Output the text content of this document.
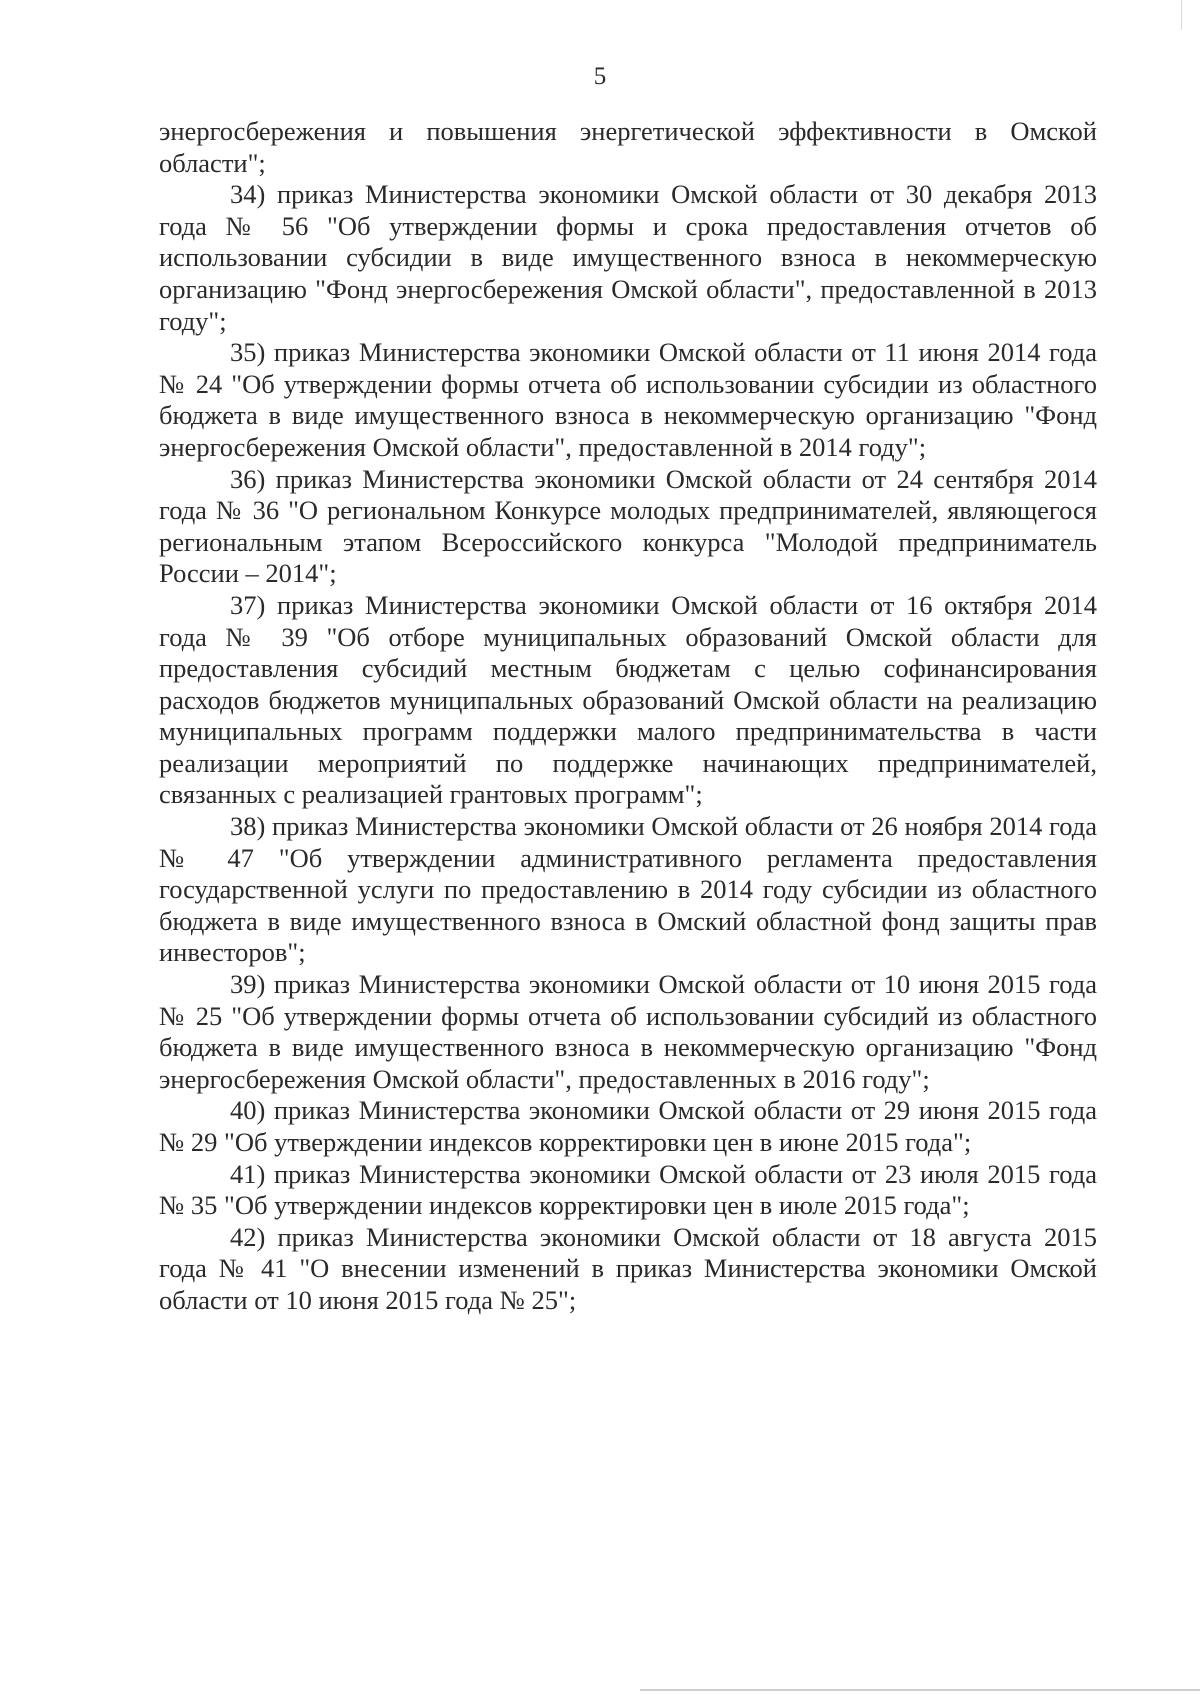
5

энергосбережения и повышения энергетической эффективности в Омской области";

34) приказ Министерства экономики Омской области от 30 декабря 2013 года № 56 "Об утверждении формы и срока предоставления отчетов об использовании субсидии в виде имущественного взноса в некоммерческую организацию "Фонд энергосбережения Омской области", предоставленной в 2013 году";

35) приказ Министерства экономики Омской области от 11 июня 2014 года № 24 "Об утверждении формы отчета об использовании субсидии из областного бюджета в виде имущественного взноса в некоммерческую организацию "Фонд энергосбережения Омской области", предоставленной в 2014 году";

36) приказ Министерства экономики Омской области от 24 сентября 2014 года № 36 "О региональном Конкурсе молодых предпринимателей, являющегося региональным этапом Всероссийского конкурса "Молодой предприниматель России – 2014";

37) приказ Министерства экономики Омской области от 16 октября 2014 года № 39 "Об отборе муниципальных образований Омской области для предоставления субсидий местным бюджетам с целью софинансирования расходов бюджетов муниципальных образований Омской области на реализацию муниципальных программ поддержки малого предпринимательства в части реализации мероприятий по поддержке начинающих предпринимателей, связанных с реализацией грантовых программ";

38) приказ Министерства экономики Омской области от 26 ноября 2014 года № 47 "Об утверждении административного регламента предоставления государственной услуги по предоставлению в 2014 году субсидии из областного бюджета в виде имущественного взноса в Омский областной фонд защиты прав инвесторов";

39) приказ Министерства экономики Омской области от 10 июня 2015 года № 25 "Об утверждении формы отчета об использовании субсидий из областного бюджета в виде имущественного взноса в некоммерческую организацию "Фонд энергосбережения Омской области", предоставленных в 2016 году";

40) приказ Министерства экономики Омской области от 29 июня 2015 года № 29 "Об утверждении индексов корректировки цен в июне 2015 года";

41) приказ Министерства экономики Омской области от 23 июля 2015 года № 35 "Об утверждении индексов корректировки цен в июле 2015 года";

42) приказ Министерства экономики Омской области от 18 августа 2015 года № 41 "О внесении изменений в приказ Министерства экономики Омской области от 10 июня 2015 года № 25";
